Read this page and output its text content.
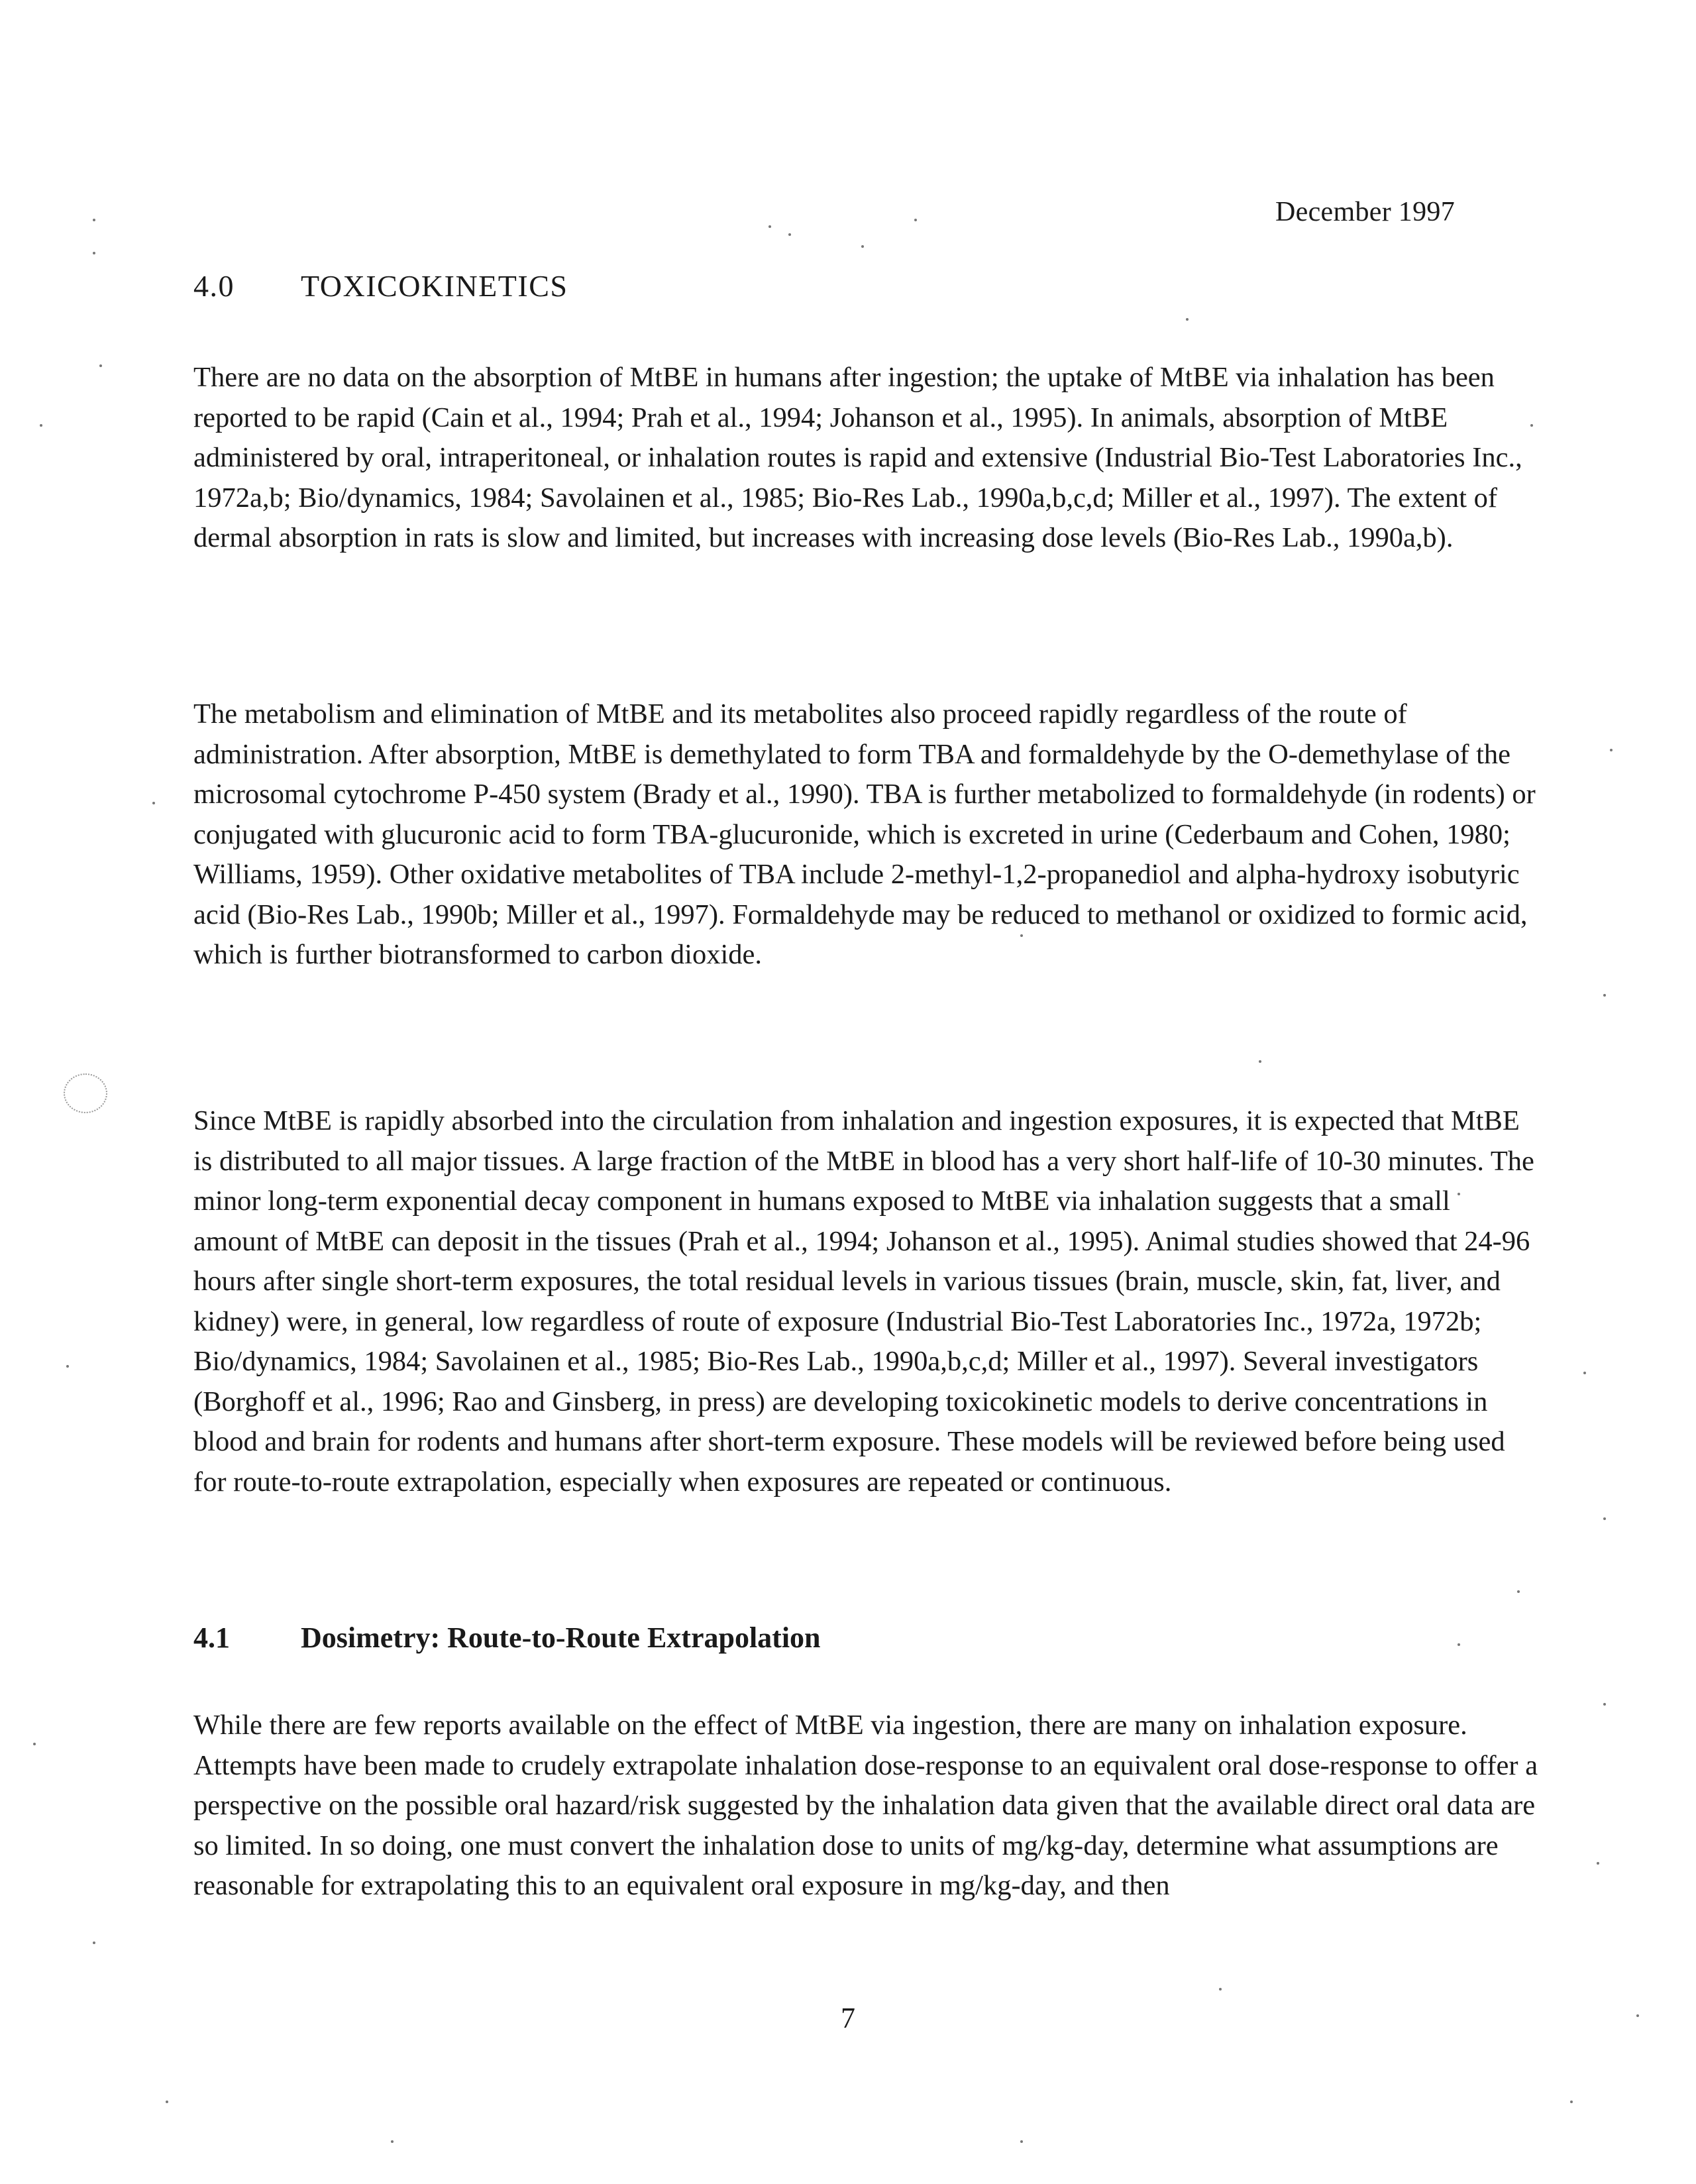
December 1997
4.0 TOXICOKINETICS

There are no data on the absorption of MtBE in humans after ingestion; the uptake of MtBE via inhalation has been reported to be rapid (Cain et al., 1994; Prah et al., 1994; Johanson et al., 1995). In animals, absorption of MtBE administered by oral, intraperitoneal, or inhalation routes is rapid and extensive (Industrial Bio-Test Laboratories Inc., 1972a,b; Bio/dynamics, 1984; Savolainen et al., 1985; Bio-Res Lab., 1990a,b,c,d; Miller et al., 1997). The extent of dermal absorption in rats is slow and limited, but increases with increasing dose levels (Bio-Res Lab., 1990a,b).

The metabolism and elimination of MtBE and its metabolites also proceed rapidly regardless of the route of administration. After absorption, MtBE is demethylated to form TBA and formaldehyde by the O-demethylase of the microsomal cytochrome P-450 system (Brady et al., 1990). TBA is further metabolized to formaldehyde (in rodents) or conjugated with glucuronic acid to form TBA-glucuronide, which is excreted in urine (Cederbaum and Cohen, 1980; Williams, 1959). Other oxidative metabolites of TBA include 2-methyl-1,2-propanediol and alpha-hydroxy isobutyric acid (Bio-Res Lab., 1990b; Miller et al., 1997). Formaldehyde may be reduced to methanol or oxidized to formic acid, which is further biotransformed to carbon dioxide.

Since MtBE is rapidly absorbed into the circulation from inhalation and ingestion exposures, it is expected that MtBE is distributed to all major tissues. A large fraction of the MtBE in blood has a very short half-life of 10-30 minutes. The minor long-term exponential decay component in humans exposed to MtBE via inhalation suggests that a small amount of MtBE can deposit in the tissues (Prah et al., 1994; Johanson et al., 1995). Animal studies showed that 24-96 hours after single short-term exposures, the total residual levels in various tissues (brain, muscle, skin, fat, liver, and kidney) were, in general, low regardless of route of exposure (Industrial Bio-Test Laboratories Inc., 1972a, 1972b; Bio/dynamics, 1984; Savolainen et al., 1985; Bio-Res Lab., 1990a,b,c,d; Miller et al., 1997). Several investigators (Borghoff et al., 1996; Rao and Ginsberg, in press) are developing toxicokinetic models to derive concentrations in blood and brain for rodents and humans after short-term exposure. These models will be reviewed before being used for route-to-route extrapolation, especially when exposures are repeated or continuous.

4.1 Dosimetry: Route-to-Route Extrapolation

While there are few reports available on the effect of MtBE via ingestion, there are many on inhalation exposure. Attempts have been made to crudely extrapolate inhalation dose-response to an equivalent oral dose-response to offer a perspective on the possible oral hazard/risk suggested by the inhalation data given that the available direct oral data are so limited. In so doing, one must convert the inhalation dose to units of mg/kg-day, determine what assumptions are reasonable for extrapolating this to an equivalent oral exposure in mg/kg-day, and then

7
